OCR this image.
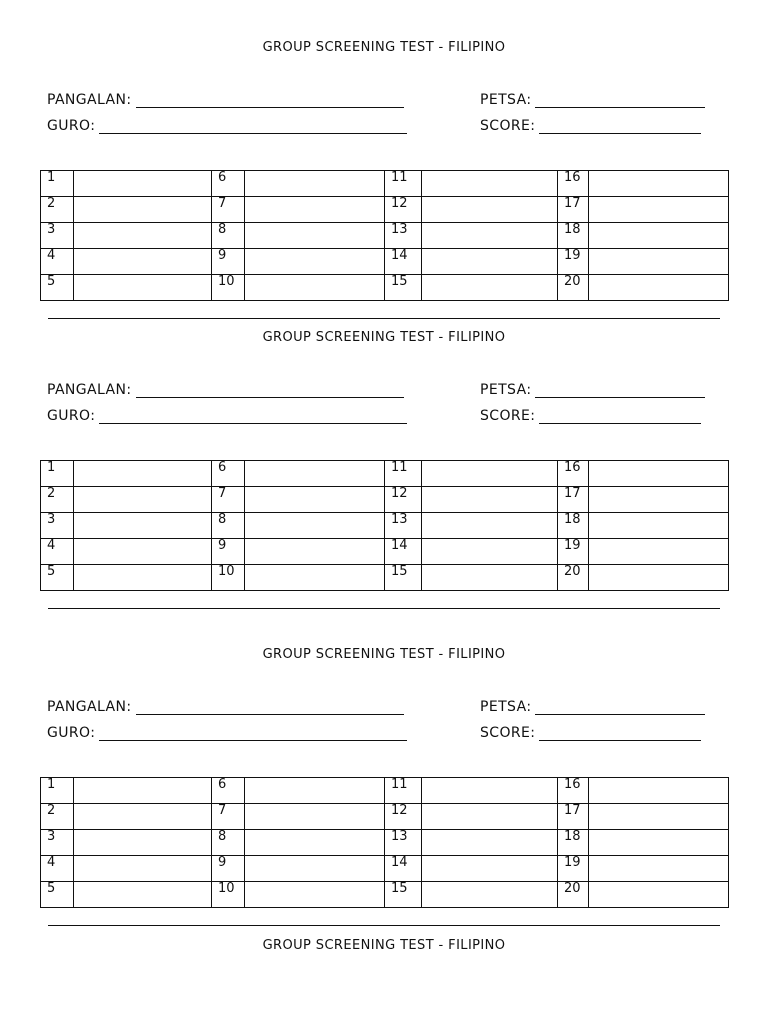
GROUP SCREENING TEST - FILIPINO
PANGALAN:	PETSA:
GURO:	SCORE:
1		6		11		16	
2		7		12		17	
3		8		13		18	
4		9		14		19	
5		10		15		20	
GROUP SCREENING TEST - FILIPINO
PANGALAN:	PETSA:
GURO:	SCORE:
1		6		11		16	
2		7		12		17	
3		8		13		18	
4		9		14		19	
5		10		15		20	
GROUP SCREENING TEST - FILIPINO
PANGALAN:	PETSA:
GURO:	SCORE:
1		6		11		16	
2		7		12		17	
3		8		13		18	
4		9		14		19	
5		10		15		20	
GROUP SCREENING TEST - FILIPINO
